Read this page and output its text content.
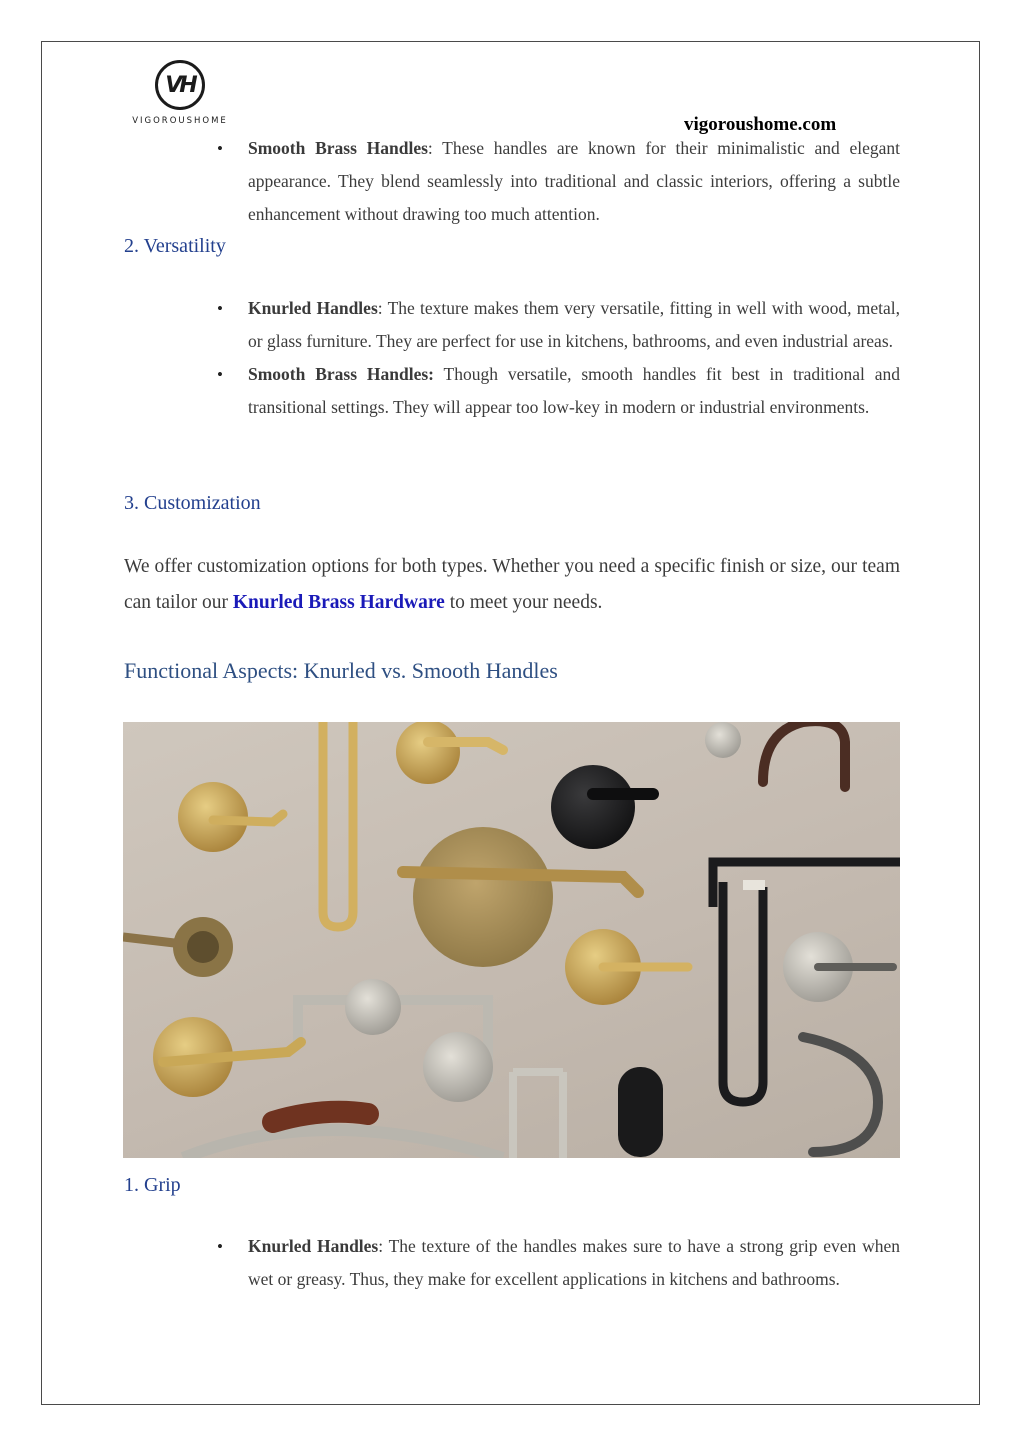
VH
VIGOROUSHOME	vigoroushome.com
• Smooth Brass Handles: These handles are known for their minimalistic and elegant appearance. They blend seamlessly into traditional and classic interiors, offering a subtle enhancement without drawing too much attention.
2. Versatility
• Knurled Handles: The texture makes them very versatile, fitting in well with wood, metal, or glass furniture. They are perfect for use in kitchens, bathrooms, and even industrial areas.
• Smooth Brass Handles: Though versatile, smooth handles fit best in traditional and transitional settings. They will appear too low-key in modern or industrial environments.
3. Customization
We offer customization options for both types. Whether you need a specific finish or size, our team can tailor our Knurled Brass Hardware to meet your needs.
Functional Aspects: Knurled vs. Smooth Handles
1. Grip
• Knurled Handles: The texture of the handles makes sure to have a strong grip even when wet or greasy. Thus, they make for excellent applications in kitchens and bathrooms.
